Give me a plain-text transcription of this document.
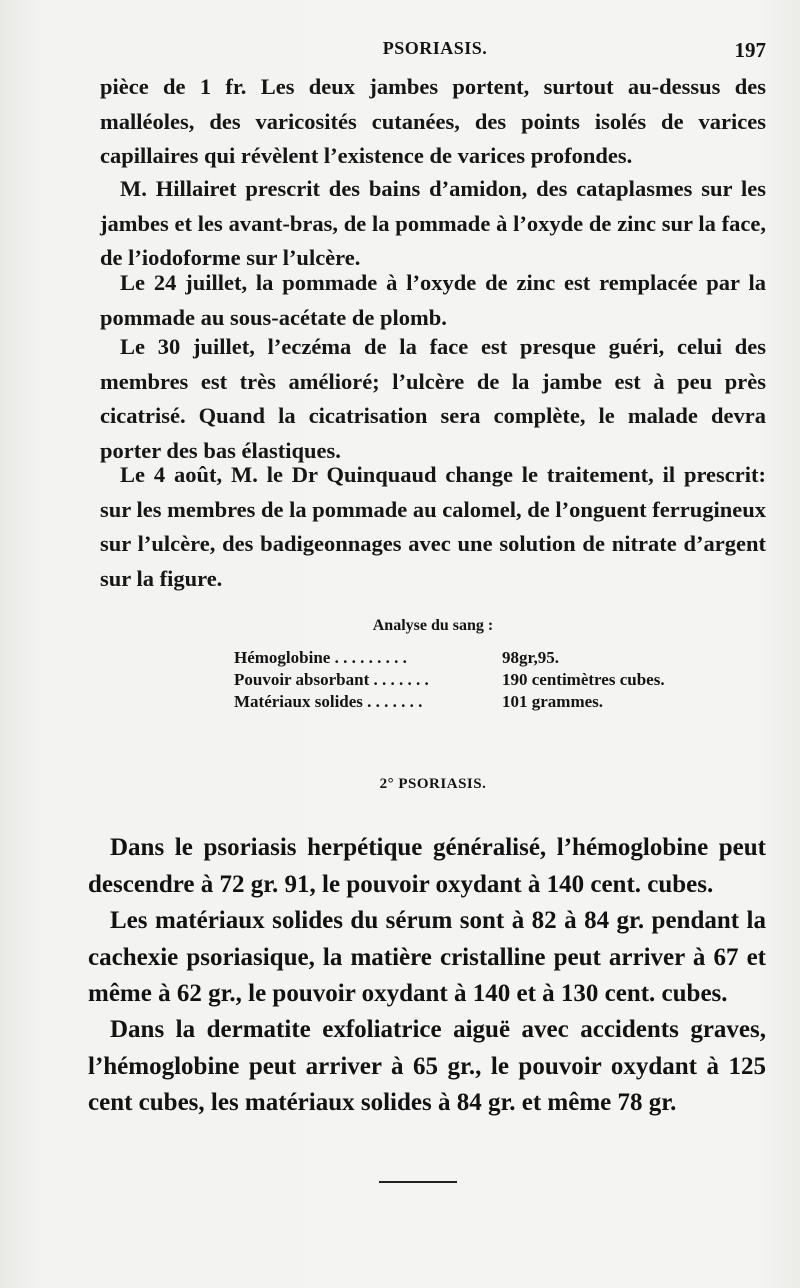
PSORIASIS.	197

pièce de 1 fr. Les deux jambes portent, surtout au-dessus des malléoles, des varicosités cutanées, des points isolés de varices capillaires qui révèlent l’existence de varices profondes.

M. Hillairet prescrit des bains d’amidon, des cataplasmes sur les jambes et les avant-bras, de la pommade à l’oxyde de zinc sur la face, de l’iodoforme sur l’ulcère.

Le 24 juillet, la pommade à l’oxyde de zinc est remplacée par la pommade au sous-acétate de plomb.

Le 30 juillet, l’eczéma de la face est presque guéri, celui des membres est très amélioré; l’ulcère de la jambe est à peu près cicatrisé. Quand la cicatrisation sera complète, le malade devra porter des bas élastiques.

Le 4 août, M. le Dr Quinquaud change le traitement, il prescrit: sur les membres de la pommade au calomel, de l’onguent ferrugineux sur l’ulcère, des badigeonnages avec une solution de nitrate d’argent sur la figure.

Analyse du sang :
Hémoglobine . . . . . . . . .	98gr,95.
Pouvoir absorbant . . . . . . .	190 centimètres cubes.
Matériaux solides . . . . . . .	101 grammes.
2° PSORIASIS.

Dans le psoriasis herpétique généralisé, l’hémoglobine peut descendre à 72 gr. 91, le pouvoir oxydant à 140 cent. cubes.

Les matériaux solides du sérum sont à 82 à 84 gr. pendant la cachexie psoriasique, la matière cristalline peut arriver à 67 et même à 62 gr., le pouvoir oxydant à 140 et à 130 cent. cubes.

Dans la dermatite exfoliatrice aiguë avec accidents graves, l’hémoglobine peut arriver à 65 gr., le pouvoir oxydant à 125 cent cubes, les matériaux solides à 84 gr. et même 78 gr.
